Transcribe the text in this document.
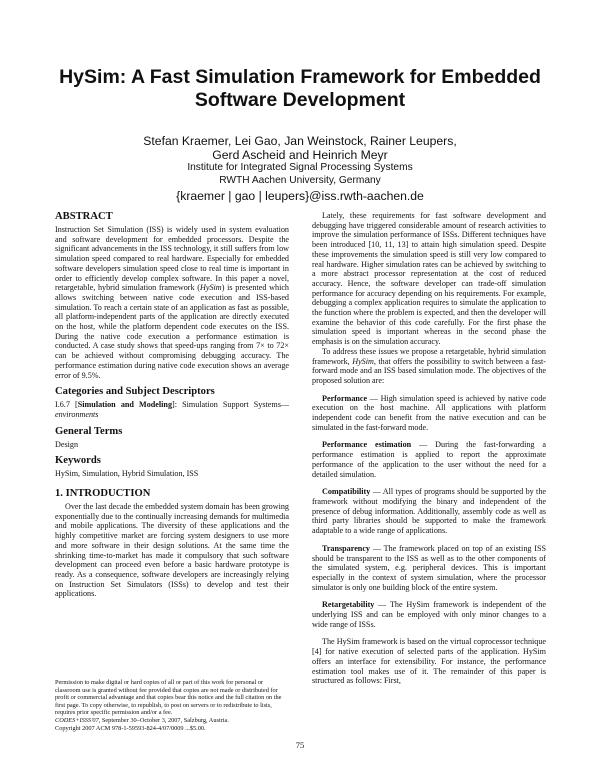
HySim: A Fast Simulation Framework for Embedded
Software Development
Stefan Kraemer, Lei Gao, Jan Weinstock, Rainer Leupers,
Gerd Ascheid and Heinrich Meyr
Institute for Integrated Signal Processing Systems
RWTH Aachen University, Germany
{kraemer | gao | leupers}@iss.rwth-aachen.de
ABSTRACT

Instruction Set Simulation (ISS) is widely used in system evaluation and software development for embedded processors. Despite the significant advancements in the ISS technology, it still suffers from low simulation speed compared to real hardware. Especially for embedded software developers simulation speed close to real time is important in order to efficiently develop complex software. In this paper a novel, retargetable, hybrid simulation framework (HySim) is presented which allows switching between native code execution and ISS-based simulation. To reach a certain state of an application as fast as possible, all platform-independent parts of the application are directly executed on the host, while the platform dependent code executes on the ISS. During the native code execution a performance estimation is conducted. A case study shows that speed-ups ranging from 7× to 72× can be achieved without compromising debugging accuracy. The performance estimation during native code execution shows an average error of 9.5%.

Categories and Subject Descriptors

I.6.7 [Simulation and Modeling]: Simulation Support Systems—environments

General Terms

Design

Keywords

HySim, Simulation, Hybrid Simulation, ISS

1. INTRODUCTION

Over the last decade the embedded system domain has been growing exponentially due to the continually increasing demands for multimedia and mobile applications. The diversity of these applications and the highly competitive market are forcing system designers to use more and more software in their design solutions. At the same time the shrinking time-to-market has made it compulsory that such software development can proceed even before a basic hardware prototype is ready. As a consequence, software developers are increasingly relying on Instruction Set Simulators (ISSs) to develop and test their applications.

Permission to make digital or hard copies of all or part of this work for personal or classroom use is granted without fee provided that copies are not made or distributed for profit or commercial advantage and that copies bear this notice and the full citation on the first page. To copy otherwise, to republish, to post on servers or to redistribute to lists, requires prior specific permission and/or a fee.

CODES+ISSS'07, September 30–October 3, 2007, Salzburg, Austria.

Copyright 2007 ACM 978-1-59593-824-4/07/0009 ...$5.00.

Lately, these requirements for fast software development and debugging have triggered considerable amount of research activities to improve the simulation performance of ISSs. Different techniques have been introduced [10, 11, 13] to attain high simulation speed. Despite these improvements the simulation speed is still very low compared to real hardware. Higher simulation rates can be achieved by switching to a more abstract processor representation at the cost of reduced accuracy. Hence, the software developer can trade-off simulation performance for accuracy depending on his requirements. For example, debugging a complex application requires to simulate the application to the function where the problem is expected, and then the developer will examine the behavior of this code carefully. For the first phase the simulation speed is important whereas in the second phase the emphasis is on the simulation accuracy.

To address these issues we propose a retargetable, hybrid simulation framework, HySim, that offers the possibility to switch between a fast-forward mode and an ISS based simulation mode. The objectives of the proposed solution are:

Performance — High simulation speed is achieved by native code execution on the host machine. All applications with platform independent code can benefit from the native execution and can be simulated in the fast-forward mode.

Performance estimation — During the fast-forwarding a performance estimation is applied to report the approximate performance of the application to the user without the need for a detailed simulation.

Compatibility — All types of programs should be supported by the framework without modifying the binary and independent of the presence of debug information. Additionally, assembly code as well as third party libraries should be supported to make the framework adaptable to a wide range of applications.

Transparency — The framework placed on top of an existing ISS should be transparent to the ISS as well as to the other components of the simulated system, e.g. peripheral devices. This is important especially in the context of system simulation, where the processor simulator is only one building block of the entire system.

Retargetability — The HySim framework is independent of the underlying ISS and can be employed with only minor changes to a wide range of ISSs.

The HySim framework is based on the virtual coprocessor technique [4] for native execution of selected parts of the application. HySim offers an interface for extensibility. For instance, the performance estimation tool makes use of it. The remainder of this paper is structured as follows: First,

75
